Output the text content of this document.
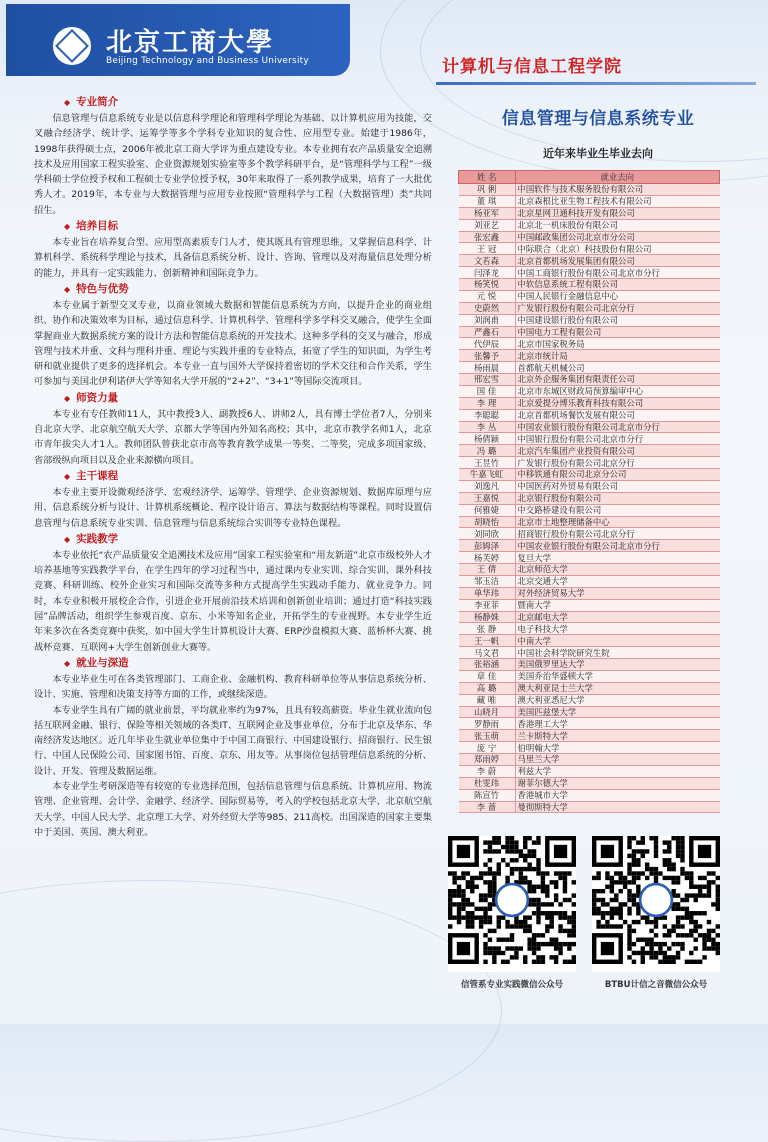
北京工商大學
Beijing Technology and Business University	计算机与信息工程学院
信息管理与信息系统专业
◆ 专业简介

信息管理与信息系统专业是以信息科学理论和管理科学理论为基础、以计算机应用为技能，交叉融合经济学、统计学、运筹学等多个学科专业知识的复合性、应用型专业。始建于1986年，1998年获得硕士点，2006年被北京工商大学评为重点建设专业。本专业拥有农产品质量安全追溯技术及应用国家工程实验室、企业资源规划实验室等多个教学科研平台，是“管理科学与工程”一级学科硕士学位授予权和工程硕士专业学位授予权，30年来取得了一系列教学成果，培育了一大批优秀人才。2019年，本专业与大数据管理与应用专业按照“管理科学与工程（大数据管理）类”共同招生。

◆ 培养目标

本专业旨在培养复合型、应用型高素质专门人才，使其既具有管理思维，又掌握信息科学、计算机科学、系统科学理论与技术，具备信息系统分析、设计、咨询、管理以及对海量信息处理分析的能力，并具有一定实践能力、创新精神和国际竞争力。

◆ 特色与优势

本专业属于新型交叉专业，以商业领域大数据和智能信息系统为方向，以提升企业的商业组织、协作和决策效率为目标，通过信息科学、计算机科学、管理科学多学科交叉融合，使学生全面掌握商业大数据系统方案的设计方法和智能信息系统的开发技术。这种多学科的交叉与融合，形成管理与技术并重、文科与理科并重、理论与实践并重的专业特点，拓宽了学生的知识面，为学生考研和就业提供了更多的选择机会。本专业一直与国外大学保持着密切的学术交往和合作关系，学生可参加与美国北伊利诺伊大学等知名大学开展的“2+2”、“3+1”等国际交流项目。

◆ 师资力量

本专业有专任教师11人，其中教授3人、副教授6人、讲师2人，具有博士学位者7人，分别来自北京大学、北京航空航天大学、京都大学等国内外知名高校；其中，北京市教学名师1人，北京市青年拔尖人才1人。教师团队曾获北京市高等教育教学成果一等奖、二等奖，完成多项国家级、省部级纵向项目以及企业来源横向项目。

◆ 主干课程

本专业主要开设微观经济学、宏观经济学、运筹学、管理学、企业资源规划、数据库原理与应用、信息系统分析与设计、计算机系统概论、程序设计语言、算法与数据结构等课程。同时设置信息管理与信息系统专业实训、信息管理与信息系统综合实训等专业特色课程。

◆ 实践教学

本专业依托“农产品质量安全追溯技术及应用”国家工程实验室和“用友新道”北京市级校外人才培养基地等实践教学平台，在学生四年的学习过程当中，通过课内专业实训、综合实训、课外科技竞赛、科研训练、校外企业实习和国际交流等多种方式提高学生实践动手能力、就业竞争力。同时，本专业积极开展校企合作，引进企业开展前沿技术培训和创新创业培训；通过打造“科技实践园”品牌活动，组织学生参观百度、京东、小米等知名企业，开拓学生的专业视野。本专业学生近年来多次在各类竞赛中获奖，如中国大学生计算机设计大赛、ERP沙盘模拟大赛、蓝桥杯大赛、挑战杯竞赛、互联网+大学生创新创业大赛等。

◆ 就业与深造

本专业毕业生可在各类管理部门、工商企业、金融机构、教育科研单位等从事信息系统分析、设计、实施、管理和决策支持等方面的工作，或继续深造。

本专业学生具有广阔的就业前景，平均就业率约为97%，且具有较高薪资。毕业生就业流向包括互联网金融、银行、保险等相关领域的各类IT、互联网企业及事业单位，分布于北京及华东、华南经济发达地区。近几年毕业生就业单位集中于中国工商银行、中国建设银行、招商银行、民生银行、中国人民保险公司、国家图书馆、百度、京东、用友等。从事岗位包括管理信息系统的分析、设计、开发、管理及数据运维。

本专业学生考研深造等有较宽的专业选择范围，包括信息管理与信息系统、计算机应用、物流管理、企业管理、会计学、金融学、经济学、国际贸易等，考入的学校包括北京大学、北京航空航天大学、中国人民大学、北京理工大学、对外经贸大学等985、211高校。出国深造的国家主要集中于美国、英国、澳大利亚。

近年来毕业生毕业去向
姓 名	就业去向
巩 俐	中国软件与技术服务股份有限公司
董 琪	北京森根比亚生物工程技术有限公司
杨亚军	北京星网卫通科技开发有限公司
刘亚艺	北京北一机床股份有限公司
张宏鑫	中国邮政集团公司北京市分公司
王 冠	中际联合（北京）科技股份有限公司
文若森	北京首都机场发展集团有限公司
闫泽龙	中国工商银行股份有限公司北京市分行
杨笑悦	中软信息系统工程有限公司
元 悦	中国人民银行金融信息中心
史蔚然	广发银行股份有限公司北京分行
刘润甫	中国建设银行股份有限公司
严鑫石	中国电力工程有限公司
代伊辰	北京市国家税务局
张馨予	北京市统计局
杨雨晨	首都航天机械公司
邢宏雪	北京外企服务集团有限责任公司
国 佳	北京市东城区财政局预算编审中心
李 理	北京爱提分博乐教育科技有限公司
李聪聪	北京首都机场餐饮发展有限公司
李 丛	中国农业银行股份有限公司北京市分行
杨倩颖	中国银行股份有限公司北京市分行
冯 璐	北京汽车集团产业投资有限公司
王昱竹	广发银行股份有限公司北京分行
牛嘉飞虹	中移铁通有限公司北京分公司
刘逸凡	中国医药对外贸易有限公司
王嘉悦	北京银行股份有限公司
何雅婕	中交路桥建设有限公司
胡晓怡	北京市土地整理储备中心
刘同欣	招商银行股份有限公司北京分行
彭姆泽	中国农业银行股份有限公司北京市分行
杨芙婷	复旦大学
王 倩	北京师范大学
邹玉洁	北京交通大学
单华玮	对外经济贸易大学
李亚菲	暨南大学
杨静姝	北京邮电大学
张 静	电子科技大学
王一帆	中南大学
马文君	中国社会科学院研究生院
张裕涵	美国俄罗里达大学
章 佳	美国乔治华盛顿大学
高 璐	澳大利亚昆士兰大学
藏 唯	澳大利亚悉尼大学
山晓月	美国匹兹堡大学
罗静雨	香港理工大学
张玉萌	兰卡斯特大学
庞 宁	伯明翰大学
郑雨婷	马里兰大学
李 蔚	利兹大学
杜雯玮	谢菲尔德大学
陈宣竹	香港城市大学
李 蔷	曼彻斯特大学
信管系专业实践微信公众号	BTBU计信之音微信公众号
